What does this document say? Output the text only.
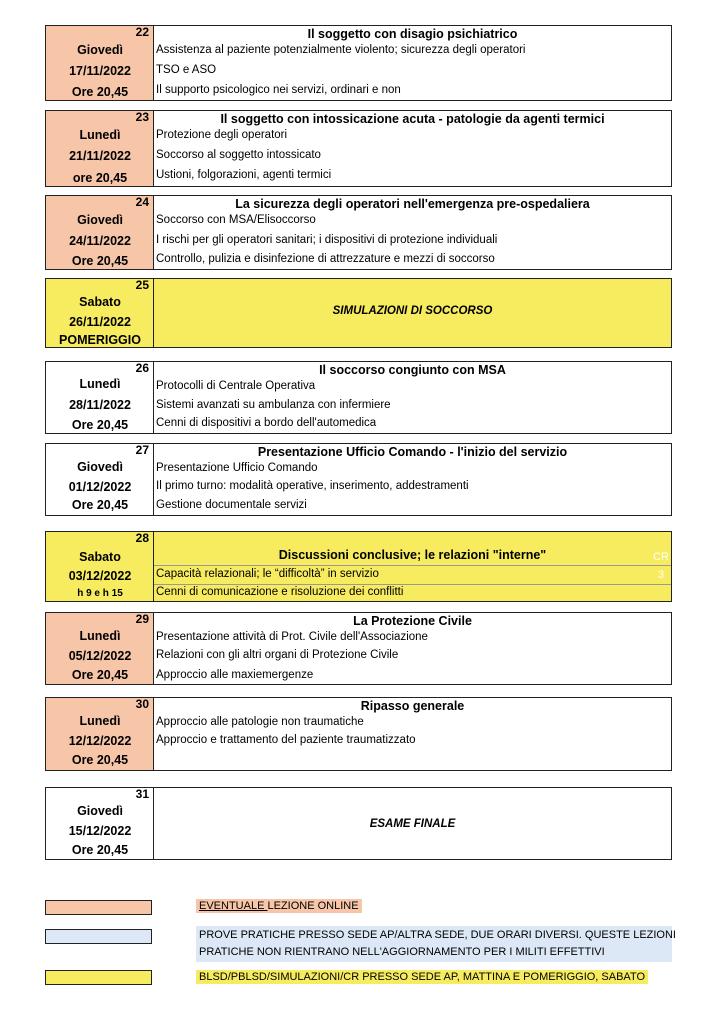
22
Giovedì
17/11/2022
Ore 20,45
Il soggetto con disagio psichiatrico
Assistenza al paziente potenzialmente violento; sicurezza degli operatori
TSO e ASO
Il supporto psicologico nei servizi, ordinari e non
23
Lunedì
21/11/2022
ore 20,45
Il soggetto con intossicazione acuta - patologie da agenti termici
Protezione degli operatori
Soccorso al soggetto intossicato
Ustioni, folgorazioni, agenti termici
24
Giovedì
24/11/2022
Ore 20,45
La sicurezza degli operatori nell'emergenza pre-ospedaliera
Soccorso con MSA/Elisoccorso
I rischi per gli operatori sanitari; i dispositivi di protezione individuali
Controllo, pulizia e disinfezione di attrezzature e mezzi di soccorso
25
Sabato
26/11/2022
POMERIGGIO
SIMULAZIONI DI SOCCORSO
26
Lunedì
28/11/2022
Ore 20,45
Il soccorso congiunto con MSA
Protocolli di Centrale Operativa
Sistemi avanzati su ambulanza con infermiere
Cenni di dispositivi a bordo dell'automedica
27
Giovedì
01/12/2022
Ore 20,45
Presentazione Ufficio Comando - l'inizio del servizio
Presentazione Ufficio Comando
Il primo turno: modalità operative, inserimento, addestramenti
Gestione documentale servizi
28
Sabato
03/12/2022
h 9 e h 15
Discussioni conclusive; le relazioni "interne"
Capacità relazionali; le “difficoltà” in servizio
Cenni di comunicazione e risoluzione dei conflitti
CR
3
29
Lunedì
05/12/2022
Ore 20,45
La Protezione Civile
Presentazione attività di Prot. Civile dell'Associazione
Relazioni con gli altri organi di Protezione Civile
Approccio alle maxiemergenze
30
Lunedì
12/12/2022
Ore 20,45
Ripasso generale
Approccio alle patologie non traumatiche
Approccio e trattamento del paziente traumatizzato
31
Giovedì
15/12/2022
Ore 20,45
ESAME FINALE
EVENTUALE LEZIONE ONLINE
PROVE PRATICHE PRESSO SEDE AP/ALTRA SEDE, DUE ORARI DIVERSI. QUESTE LEZIONI
PRATICHE NON RIENTRANO NELL'AGGIORNAMENTO PER I MILITI EFFETTIVI
BLSD/PBLSD/SIMULAZIONI/CR PRESSO SEDE AP, MATTINA E POMERIGGIO, SABATO
